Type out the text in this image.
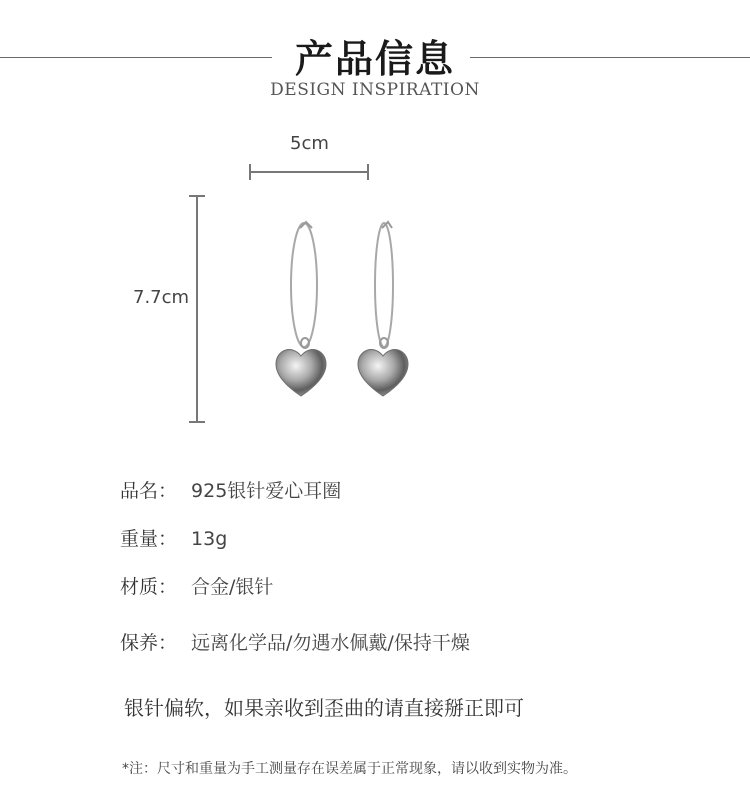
产品信息
DESIGN INSPIRATION
5cm
7.7cm
品名： 925银针爱心耳圈
重量： 13g
材质： 合金/银针
保养： 远离化学品/勿遇水佩戴/保持干燥
银针偏软，如果亲收到歪曲的请直接掰正即可
*注：尺寸和重量为手工测量存在误差属于正常现象，请以收到实物为准。
